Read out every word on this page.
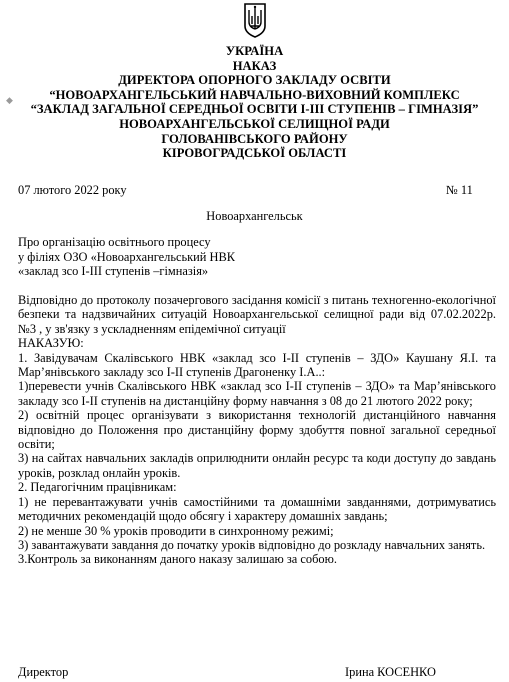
УКРАЇНА
НАКАЗ
ДИРЕКТОРА ОПОРНОГО ЗАКЛАДУ ОСВІТИ
“НОВОАРХАНГЕЛЬСЬКИЙ НАВЧАЛЬНО-ВИХОВНИЙ КОМПЛЕКС
“ЗАКЛАД ЗАГАЛЬНОЇ СЕРЕДНЬОЇ ОСВІТИ І-ІІІ СТУПЕНІВ – ГІМНАЗІЯ”
НОВОАРХАНГЕЛЬСЬКОЇ СЕЛИЩНОЇ РАДИ
ГОЛОВАНІВСЬКОГО РАЙОНУ
КІРОВОГРАДСЬКОЇ ОБЛАСТІ
◆
07 лютого 2022 року	№ 11
Новоархангельськ
Про організацію освітнього процесу
у філіях ОЗО «Новоархангельський НВК
«заклад зсо І-ІІІ ступенів –гімназія»

Відповідно до протоколу позачергового засідання комісії з питань техногенно-екологічної безпеки та надзвичайних ситуацій Новоархангельської селищної ради від 07.02.2022р. №3 , у зв'язку з ускладненням епідемічної ситуації

НАКАЗУЮ:

1. Завідувачам Скалівського НВК «заклад зсо І-ІІ ступенів – ЗДО» Каушану Я.І. та Мар’янівського закладу зсо І-ІІ ступенів Драгоненку І.А..:

1)перевести учнів Скалівського НВК «заклад зсо І-ІІ ступенів – ЗДО» та Мар’янівського закладу зсо І-ІІ ступенів на дистанційну форму навчання з 08 до 21 лютого 2022 року;

2) освітній процес організувати з використання технологій дистанційного навчання відповідно до Положення про дистанційну форму здобуття повної загальної середньої освіти;

3) на сайтах навчальних закладів оприлюднити онлайн ресурс та коди доступу до завдань уроків, розклад онлайн уроків.

2. Педагогічним працівникам:

1) не перевантажувати учнів самостійними та домашніми завданнями, дотримуватись методичних рекомендацій щодо обсягу і характеру домашніх завдань;

2) не менше 30 % уроків проводити в синхронному режимі;

3) завантажувати завдання до початку уроків відповідно до розкладу навчальних занять.

3.Контроль за виконанням даного наказу залишаю за собою.

Директор	Ірина КОСЕНКО
